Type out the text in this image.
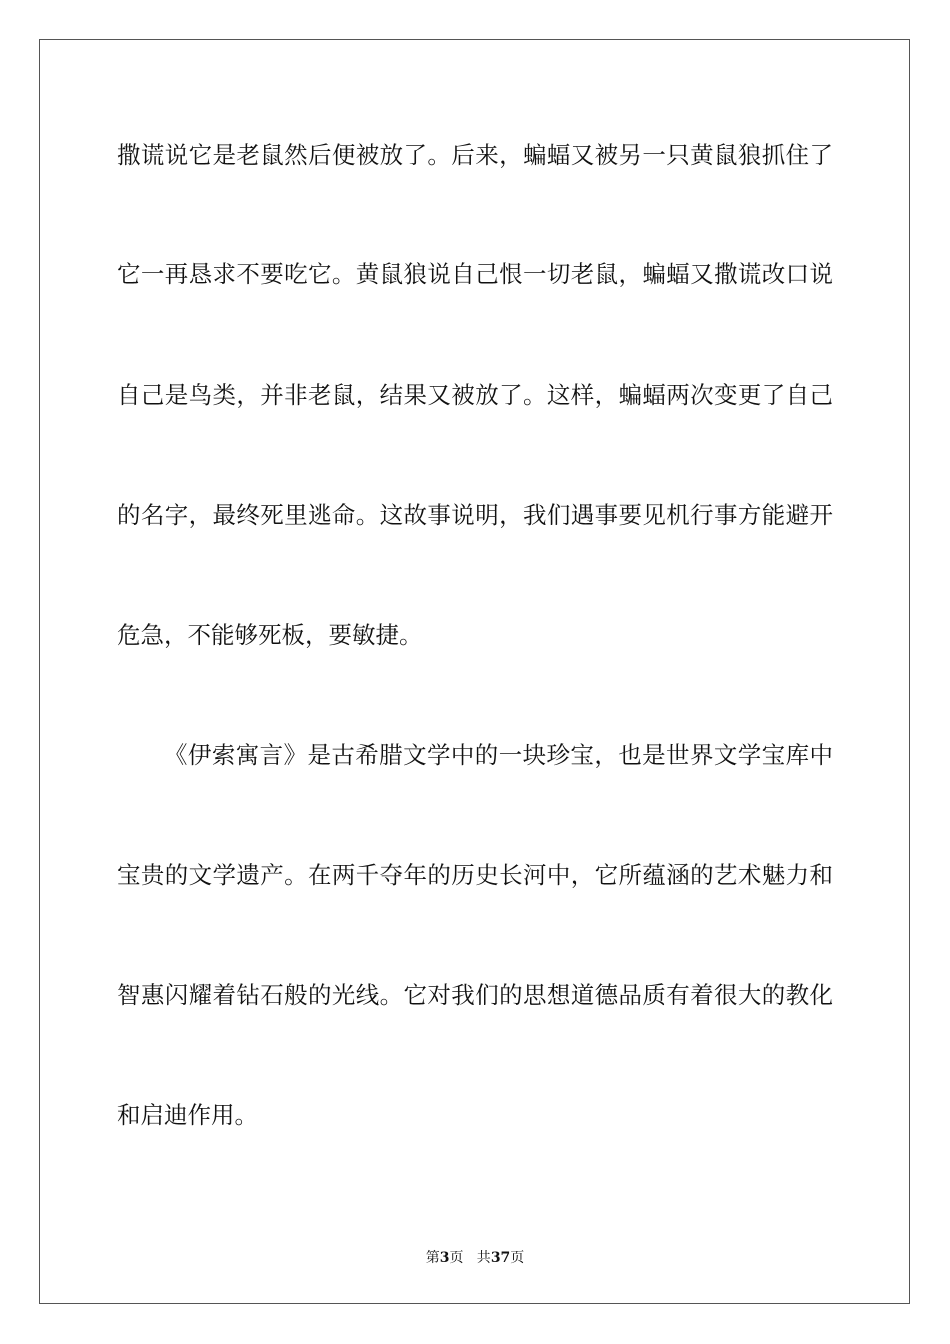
撒谎说它是老鼠然后便被放了。后来，蝙蝠又被另一只黄鼠狼抓住了
它一再恳求不要吃它。黄鼠狼说自己恨一切老鼠，蝙蝠又撒谎改口说
自己是鸟类，并非老鼠，结果又被放了。这样，蝙蝠两次变更了自己
的名字，最终死里逃命。这故事说明，我们遇事要见机行事方能避开
危急，不能够死板，要敏捷。
《伊索寓言》是古希腊文学中的一块珍宝，也是世界文学宝库中
宝贵的文学遗产。在两千夺年的历史长河中，它所蕴涵的艺术魅力和
智惠闪耀着钻石般的光线。它对我们的思想道德品质有着很大的教化
和启迪作用。
第3页   共37页
